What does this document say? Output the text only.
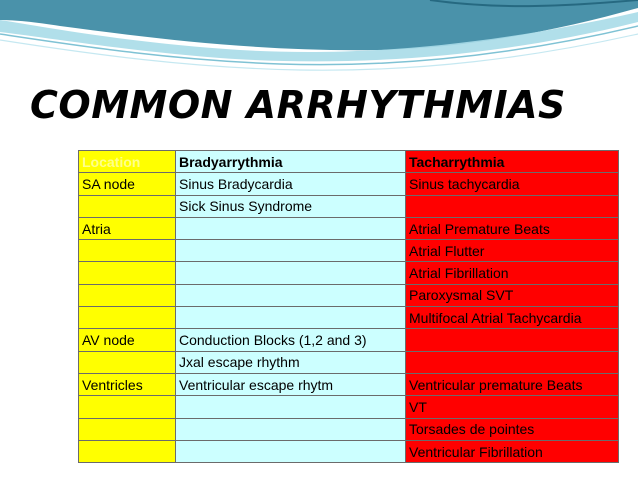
COMMON ARRHYTHMIAS
Location	Bradyarrythmia	Tacharrythmia
SA node	Sinus Bradycardia	Sinus tachycardia
	Sick Sinus Syndrome	
Atria		Atrial Premature Beats
		Atrial Flutter
		Atrial Fibrillation
		Paroxysmal SVT
		Multifocal Atrial Tachycardia
AV node	Conduction Blocks (1,2 and 3)	
	Jxal escape rhythm	
Ventricles	Ventricular escape rhytm	Ventricular premature Beats
		VT
		Torsades de pointes
		Ventricular Fibrillation
